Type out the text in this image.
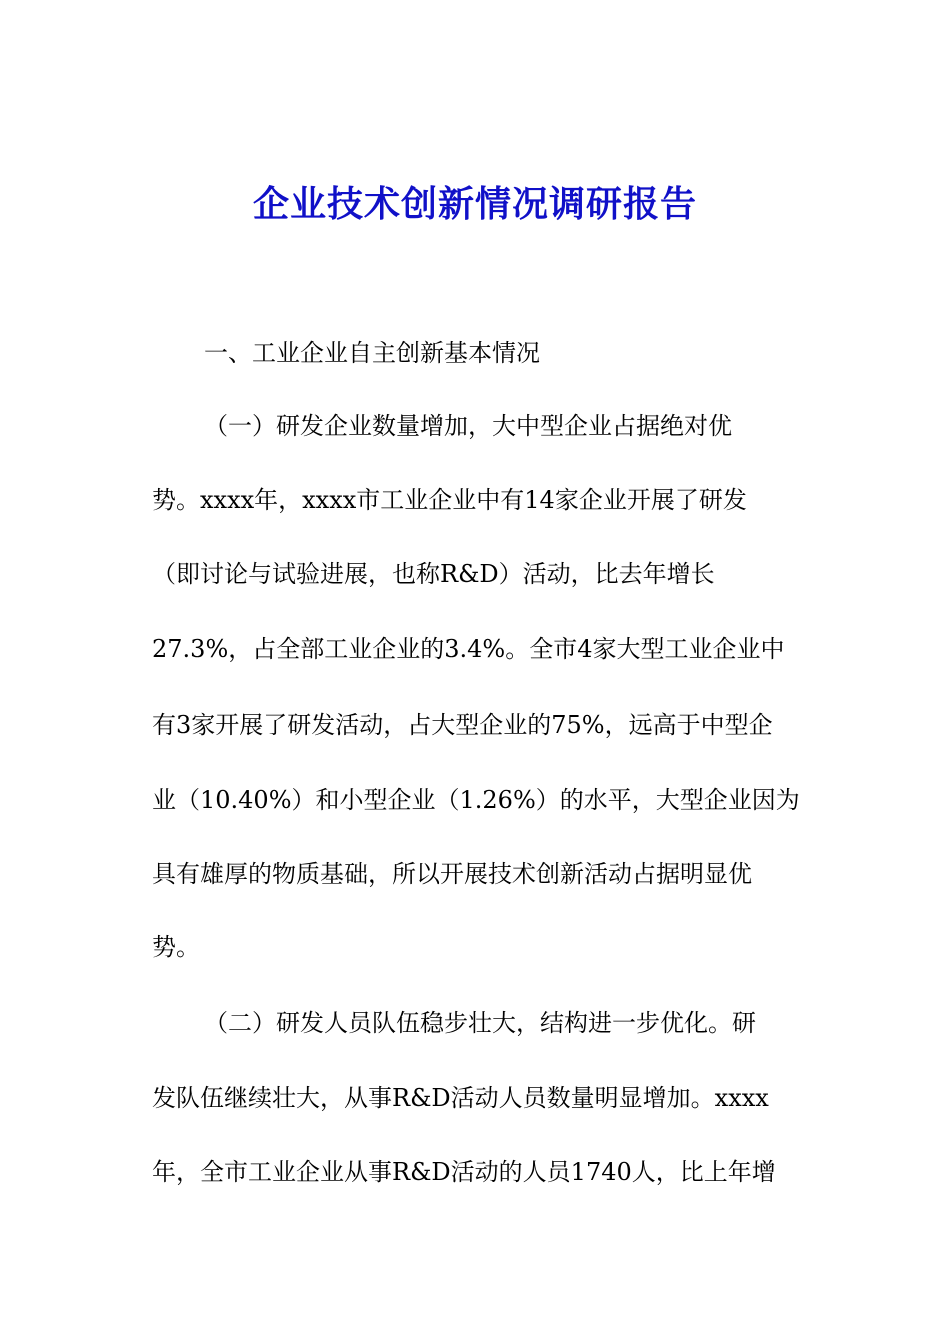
企业技术创新情况调研报告
一、工业企业自主创新基本情况
（一）研发企业数量增加，大中型企业占据绝对优
势。xxxx年，xxxx市工业企业中有14家企业开展了研发
（即讨论与试验进展，也称R&D）活动，比去年增长
27.3%，占全部工业企业的3.4%。全市4家大型工业企业中
有3家开展了研发活动，占大型企业的75%，远高于中型企
业（10.40%）和小型企业（1.26%）的水平，大型企业因为
具有雄厚的物质基础，所以开展技术创新活动占据明显优
势。
（二）研发人员队伍稳步壮大，结构进一步优化。研
发队伍继续壮大，从事R&D活动人员数量明显增加。xxxx
年，全市工业企业从事R&D活动的人员1740人，比上年增
